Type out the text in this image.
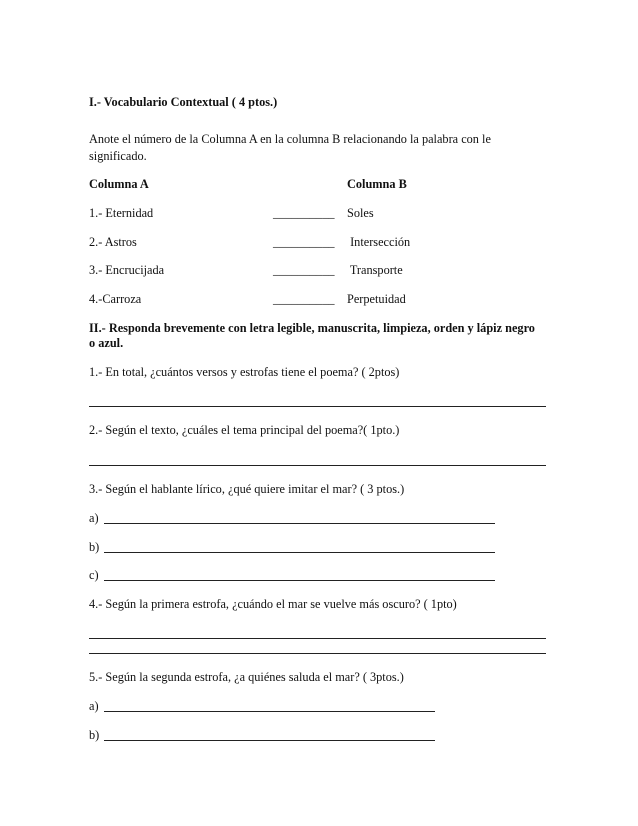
I.- Vocabulario Contextual ( 4 ptos.)
Anote el número de la Columna A en la columna B relacionando la palabra con le
significado.
Columna A	Columna B
1.- Eternidad	__________ Soles
2.- Astros	__________ Intersección
3.- Encrucijada	__________ Transporte
4.-Carroza	__________ Perpetuidad
II.- Responda brevemente con letra legible, manuscrita, limpieza, orden y lápiz negro
o azul.
1.- En total, ¿cuántos versos y estrofas tiene el poema? ( 2ptos)
2.- Según el texto, ¿cuáles el tema principal del poema?( 1pto.)
3.- Según el hablante lírico, ¿qué quiere imitar el mar? ( 3 ptos.)
a)
b)
c)
4.- Según la primera estrofa, ¿cuándo el mar se vuelve más oscuro? ( 1pto)
5.- Según la segunda estrofa, ¿a quiénes saluda el mar? ( 3ptos.)
a)
b)
